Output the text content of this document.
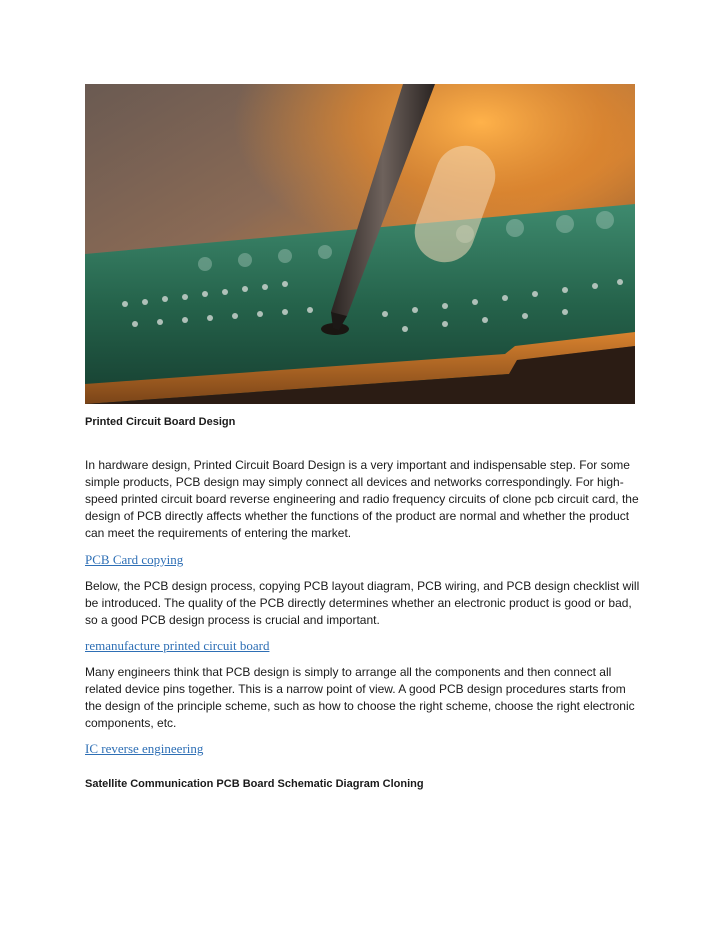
Printed Circuit Board Design
In hardware design, Printed Circuit Board Design is a very important and indispensable step. For some simple products, PCB design may simply connect all devices and networks correspondingly. For high-speed printed circuit board reverse engineering and radio frequency circuits of clone pcb circuit card, the design of PCB directly affects whether the functions of the product are normal and whether the product can meet the requirements of entering the market.
PCB Card copying
Below, the PCB design process, copying PCB layout diagram, PCB wiring, and PCB design checklist will be introduced. The quality of the PCB directly determines whether an electronic product is good or bad, so a good PCB design process is crucial and important.
remanufacture printed circuit board
Many engineers think that PCB design is simply to arrange all the components and then connect all related device pins together. This is a narrow point of view. A good PCB design procedures starts from the design of the principle scheme, such as how to choose the right scheme, choose the right electronic components, etc.
IC reverse engineering
Satellite Communication PCB Board Schematic Diagram Cloning
